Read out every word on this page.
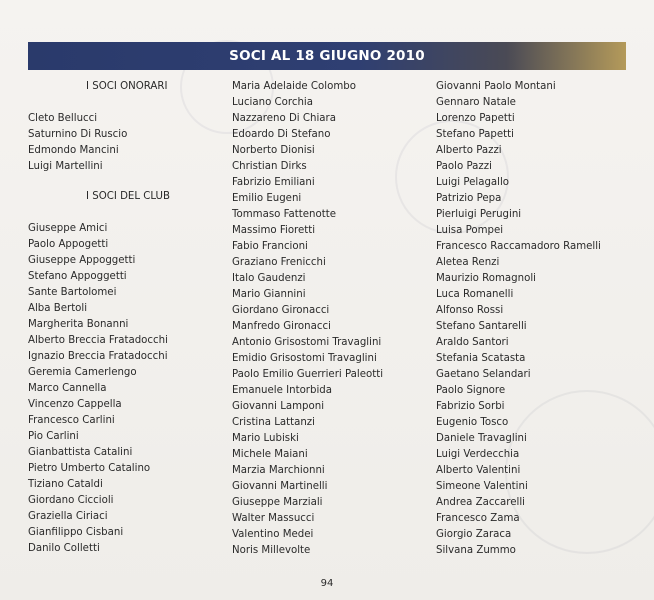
SOCI AL 18 GIUGNO 2010
I SOCI ONORARI
Cleto Bellucci
Saturnino Di Ruscio
Edmondo Mancini
Luigi Martellini
I SOCI DEL CLUB
Giuseppe Amici
Paolo Appogetti
Giuseppe Appoggetti
Stefano Appoggetti
Sante Bartolomei
Alba Bertoli
Margherita Bonanni
Alberto Breccia Fratadocchi
Ignazio Breccia Fratadocchi
Geremia Camerlengo
Marco Cannella
Vincenzo Cappella
Francesco Carlini
Pio Carlini
Gianbattista Catalini
Pietro Umberto Catalino
Tiziano Cataldi
Giordano Ciccioli
Graziella Ciriaci
Gianfilippo Cisbani
Danilo Colletti
Maria Adelaide Colombo
Luciano Corchia
Nazzareno Di Chiara
Edoardo Di Stefano
Norberto Dionisi
Christian Dirks
Fabrizio Emiliani
Emilio Eugeni
Tommaso Fattenotte
Massimo Fioretti
Fabio Francioni
Graziano Frenicchi
Italo Gaudenzi
Mario Giannini
Giordano Gironacci
Manfredo Gironacci
Antonio Grisostomi Travaglini
Emidio Grisostomi Travaglini
Paolo Emilio Guerrieri Paleotti
Emanuele Intorbida
Giovanni Lamponi
Cristina Lattanzi
Mario Lubiski
Michele Maiani
Marzia Marchionni
Giovanni Martinelli
Giuseppe Marziali
Walter Massucci
Valentino Medei
Noris Millevolte
Giovanni Paolo Montani
Gennaro Natale
Lorenzo Papetti
Stefano Papetti
Alberto Pazzi
Paolo Pazzi
Luigi Pelagallo
Patrizio Pepa
Pierluigi Perugini
Luisa Pompei
Francesco Raccamadoro Ramelli
Aletea Renzi
Maurizio Romagnoli
Luca Romanelli
Alfonso Rossi
Stefano Santarelli
Araldo Santori
Stefania Scatasta
Gaetano Selandari
Paolo Signore
Fabrizio Sorbi
Eugenio Tosco
Daniele Travaglini
Luigi Verdecchia
Alberto Valentini
Simeone Valentini
Andrea Zaccarelli
Francesco Zama
Giorgio Zaraca
Silvana Zummo
94
